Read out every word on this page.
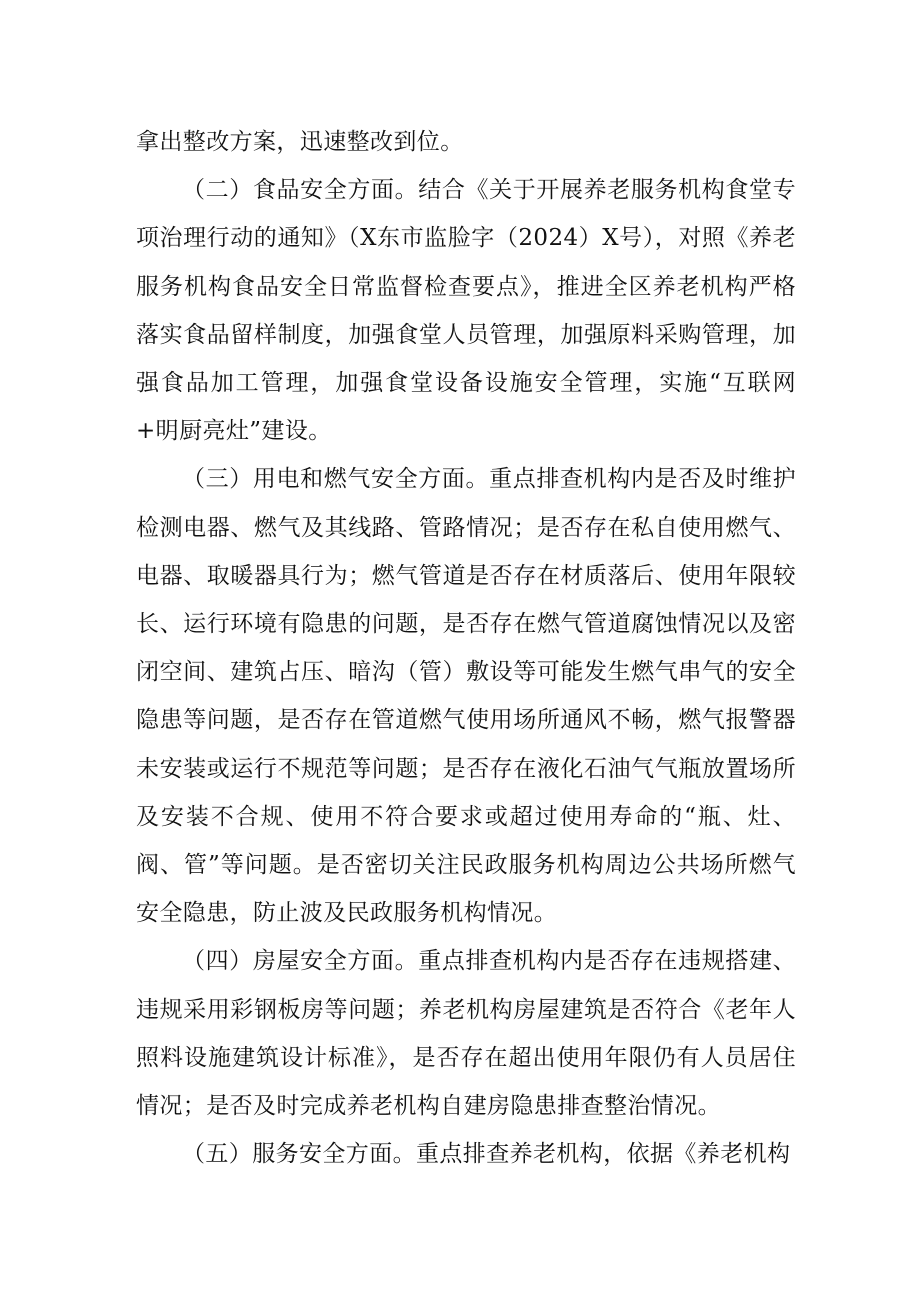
拿出整改方案，迅速整改到位。

（二）食品安全方面。结合《关于开展养老服务机构食堂专项治理行动的通知》（X东市监脸字（2024）X号），对照《养老服务机构食品安全日常监督检查要点》，推进全区养老机构严格落实食品留样制度，加强食堂人员管理，加强原料采购管理，加强食品加工管理，加强食堂设备设施安全管理，实施“互联网+明厨亮灶”建设。

（三）用电和燃气安全方面。重点排查机构内是否及时维护检测电器、燃气及其线路、管路情况；是否存在私自使用燃气、电器、取暖器具行为；燃气管道是否存在材质落后、使用年限较长、运行环境有隐患的问题，是否存在燃气管道腐蚀情况以及密闭空间、建筑占压、暗沟（管）敷设等可能发生燃气串气的安全隐患等问题，是否存在管道燃气使用场所通风不畅，燃气报警器未安装或运行不规范等问题；是否存在液化石油气气瓶放置场所及安装不合规、使用不符合要求或超过使用寿命的“瓶、灶、阀、管”等问题。是否密切关注民政服务机构周边公共场所燃气安全隐患，防止波及民政服务机构情况。

（四）房屋安全方面。重点排查机构内是否存在违规搭建、违规采用彩钢板房等问题；养老机构房屋建筑是否符合《老年人照料设施建筑设计标准》，是否存在超出使用年限仍有人员居住情况；是否及时完成养老机构自建房隐患排查整治情况。

（五）服务安全方面。重点排查养老机构，依据《养老机构
